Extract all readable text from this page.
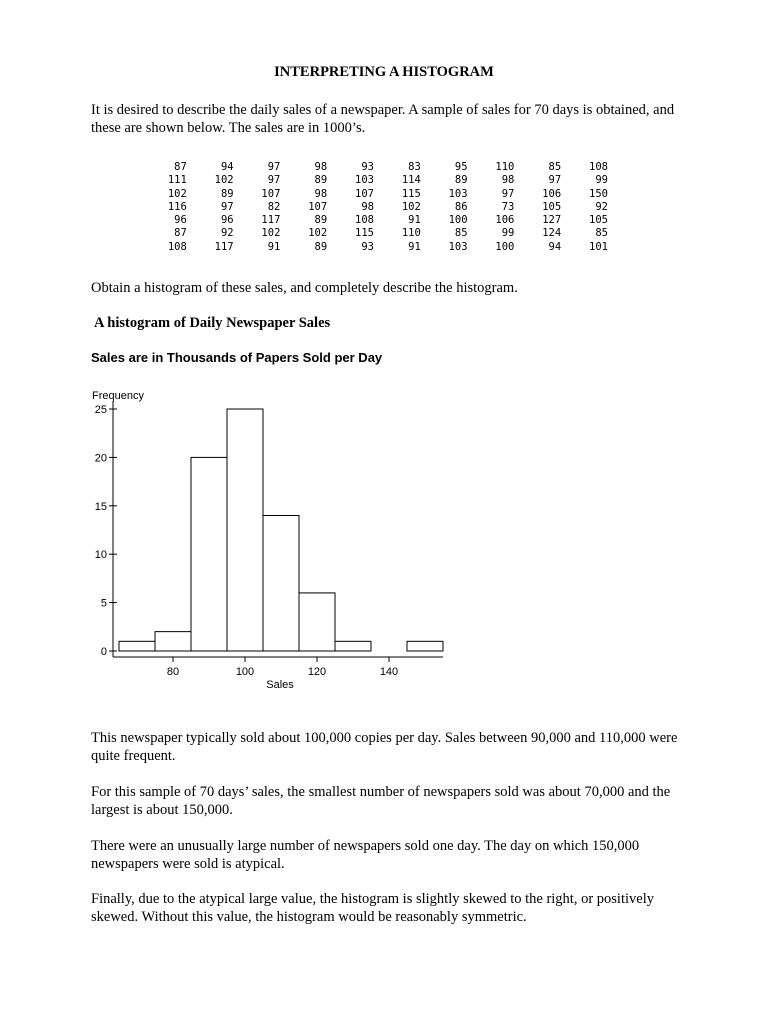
INTERPRETING A HISTOGRAM

It is desired to describe the daily sales of a newspaper. A sample of sales for 70 days is obtained, and these are shown below. The sales are in 1000’s.

87	94	97	98	93	83	95	110	85	108
111	102	97	89	103	114	89	98	97	99
102	89	107	98	107	115	103	97	106	150
116	97	82	107	98	102	86	73	105	92
96	96	117	89	108	91	100	106	127	105
87	92	102	102	115	110	85	99	124	85
108	117	91	89	93	91	103	100	94	101

Obtain a histogram of these sales, and completely describe the histogram.

A histogram of Daily Newspaper Sales
Sales are in Thousands of Papers Sold per Day
0
5
10
15
20
25
80	100	120	140
Frequency
Sales

This newspaper typically sold about 100,000 copies per day. Sales between 90,000 and 110,000 were quite frequent.

For this sample of 70 days’ sales, the smallest number of newspapers sold was about 70,000 and the largest is about 150,000.

There were an unusually large number of newspapers sold one day. The day on which 150,000 newspapers were sold is atypical.

Finally, due to the atypical large value, the histogram is slightly skewed to the right, or positively skewed. Without this value, the histogram would be reasonably symmetric.
